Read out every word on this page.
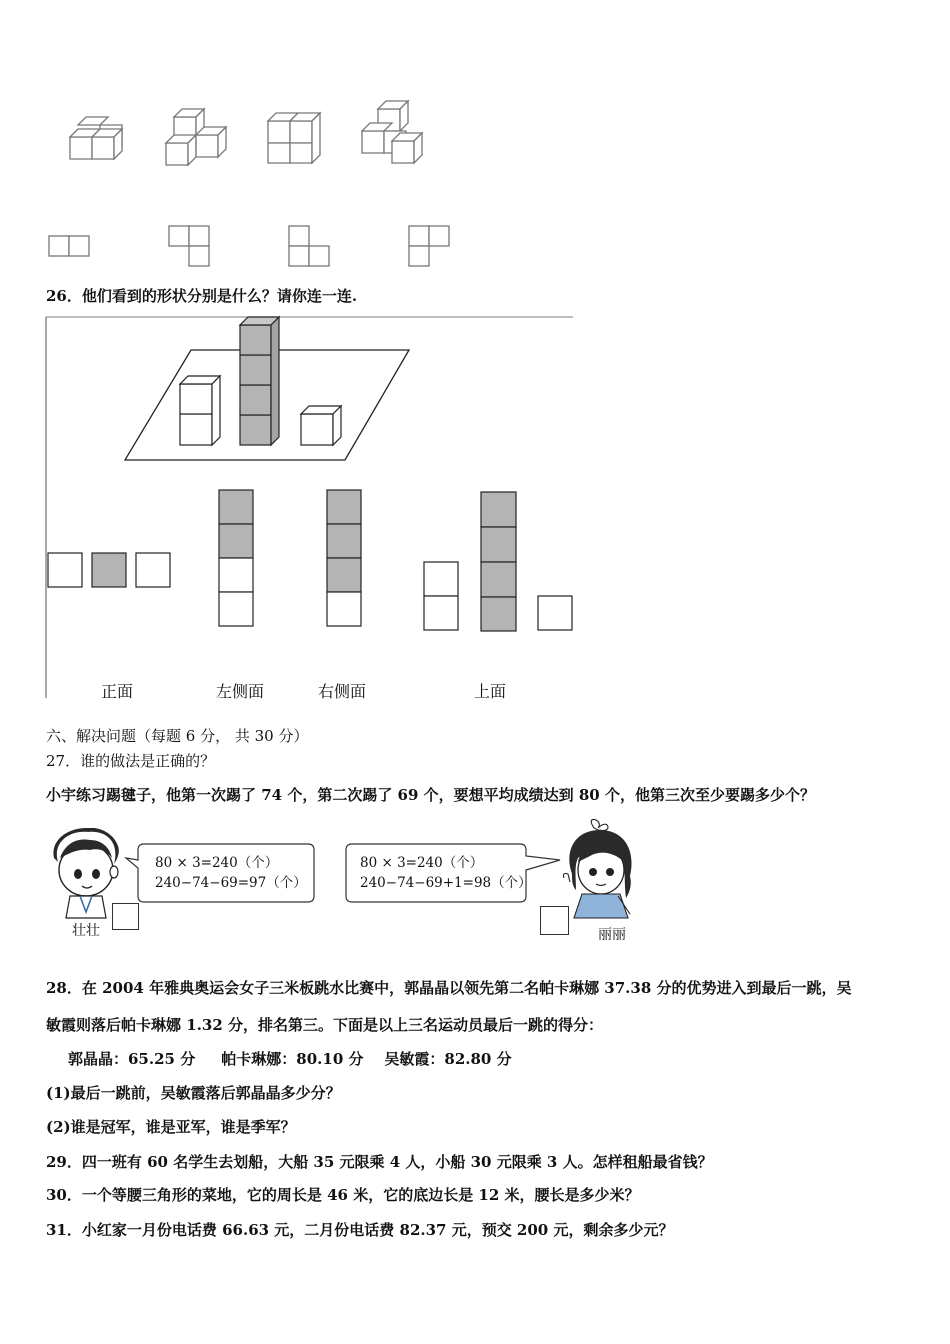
26．他们看到的形状分别是什么？请你连一连.
正面	左侧面	右侧面	上面
六、解决问题（每题 6 分， 共 30 分）
27．谁的做法是正确的？
小宇练习踢毽子，他第一次踢了 74 个，第二次踢了 69 个，要想平均成绩达到 80 个，他第三次至少要踢多少个？
壮壮
80 × 3=240（个）
240−74−69=97（个）
80 × 3=240（个）
240−74−69+1=98（个）
丽丽
28．在 2004 年雅典奥运会女子三米板跳水比赛中，郭晶晶以领先第二名帕卡琳娜 37.38 分的优势进入到最后一跳，吴
敏霞则落后帕卡琳娜 1.32 分，排名第三。下面是以上三名运动员最后一跳的得分：
郭晶晶：65.25 分     帕卡琳娜：80.10 分    吴敏霞：82.80 分
(1)最后一跳前，吴敏霞落后郭晶晶多少分？
(2)谁是冠军，谁是亚军，谁是季军？
29．四一班有 60 名学生去划船，大船 35 元限乘 4 人，小船 30 元限乘 3 人。怎样租船最省钱？
30．一个等腰三角形的菜地，它的周长是 46 米，它的底边长是 12 米，腰长是多少米？
31．小红家一月份电话费 66.63 元，二月份电话费 82.37 元，预交 200 元，剩余多少元？
